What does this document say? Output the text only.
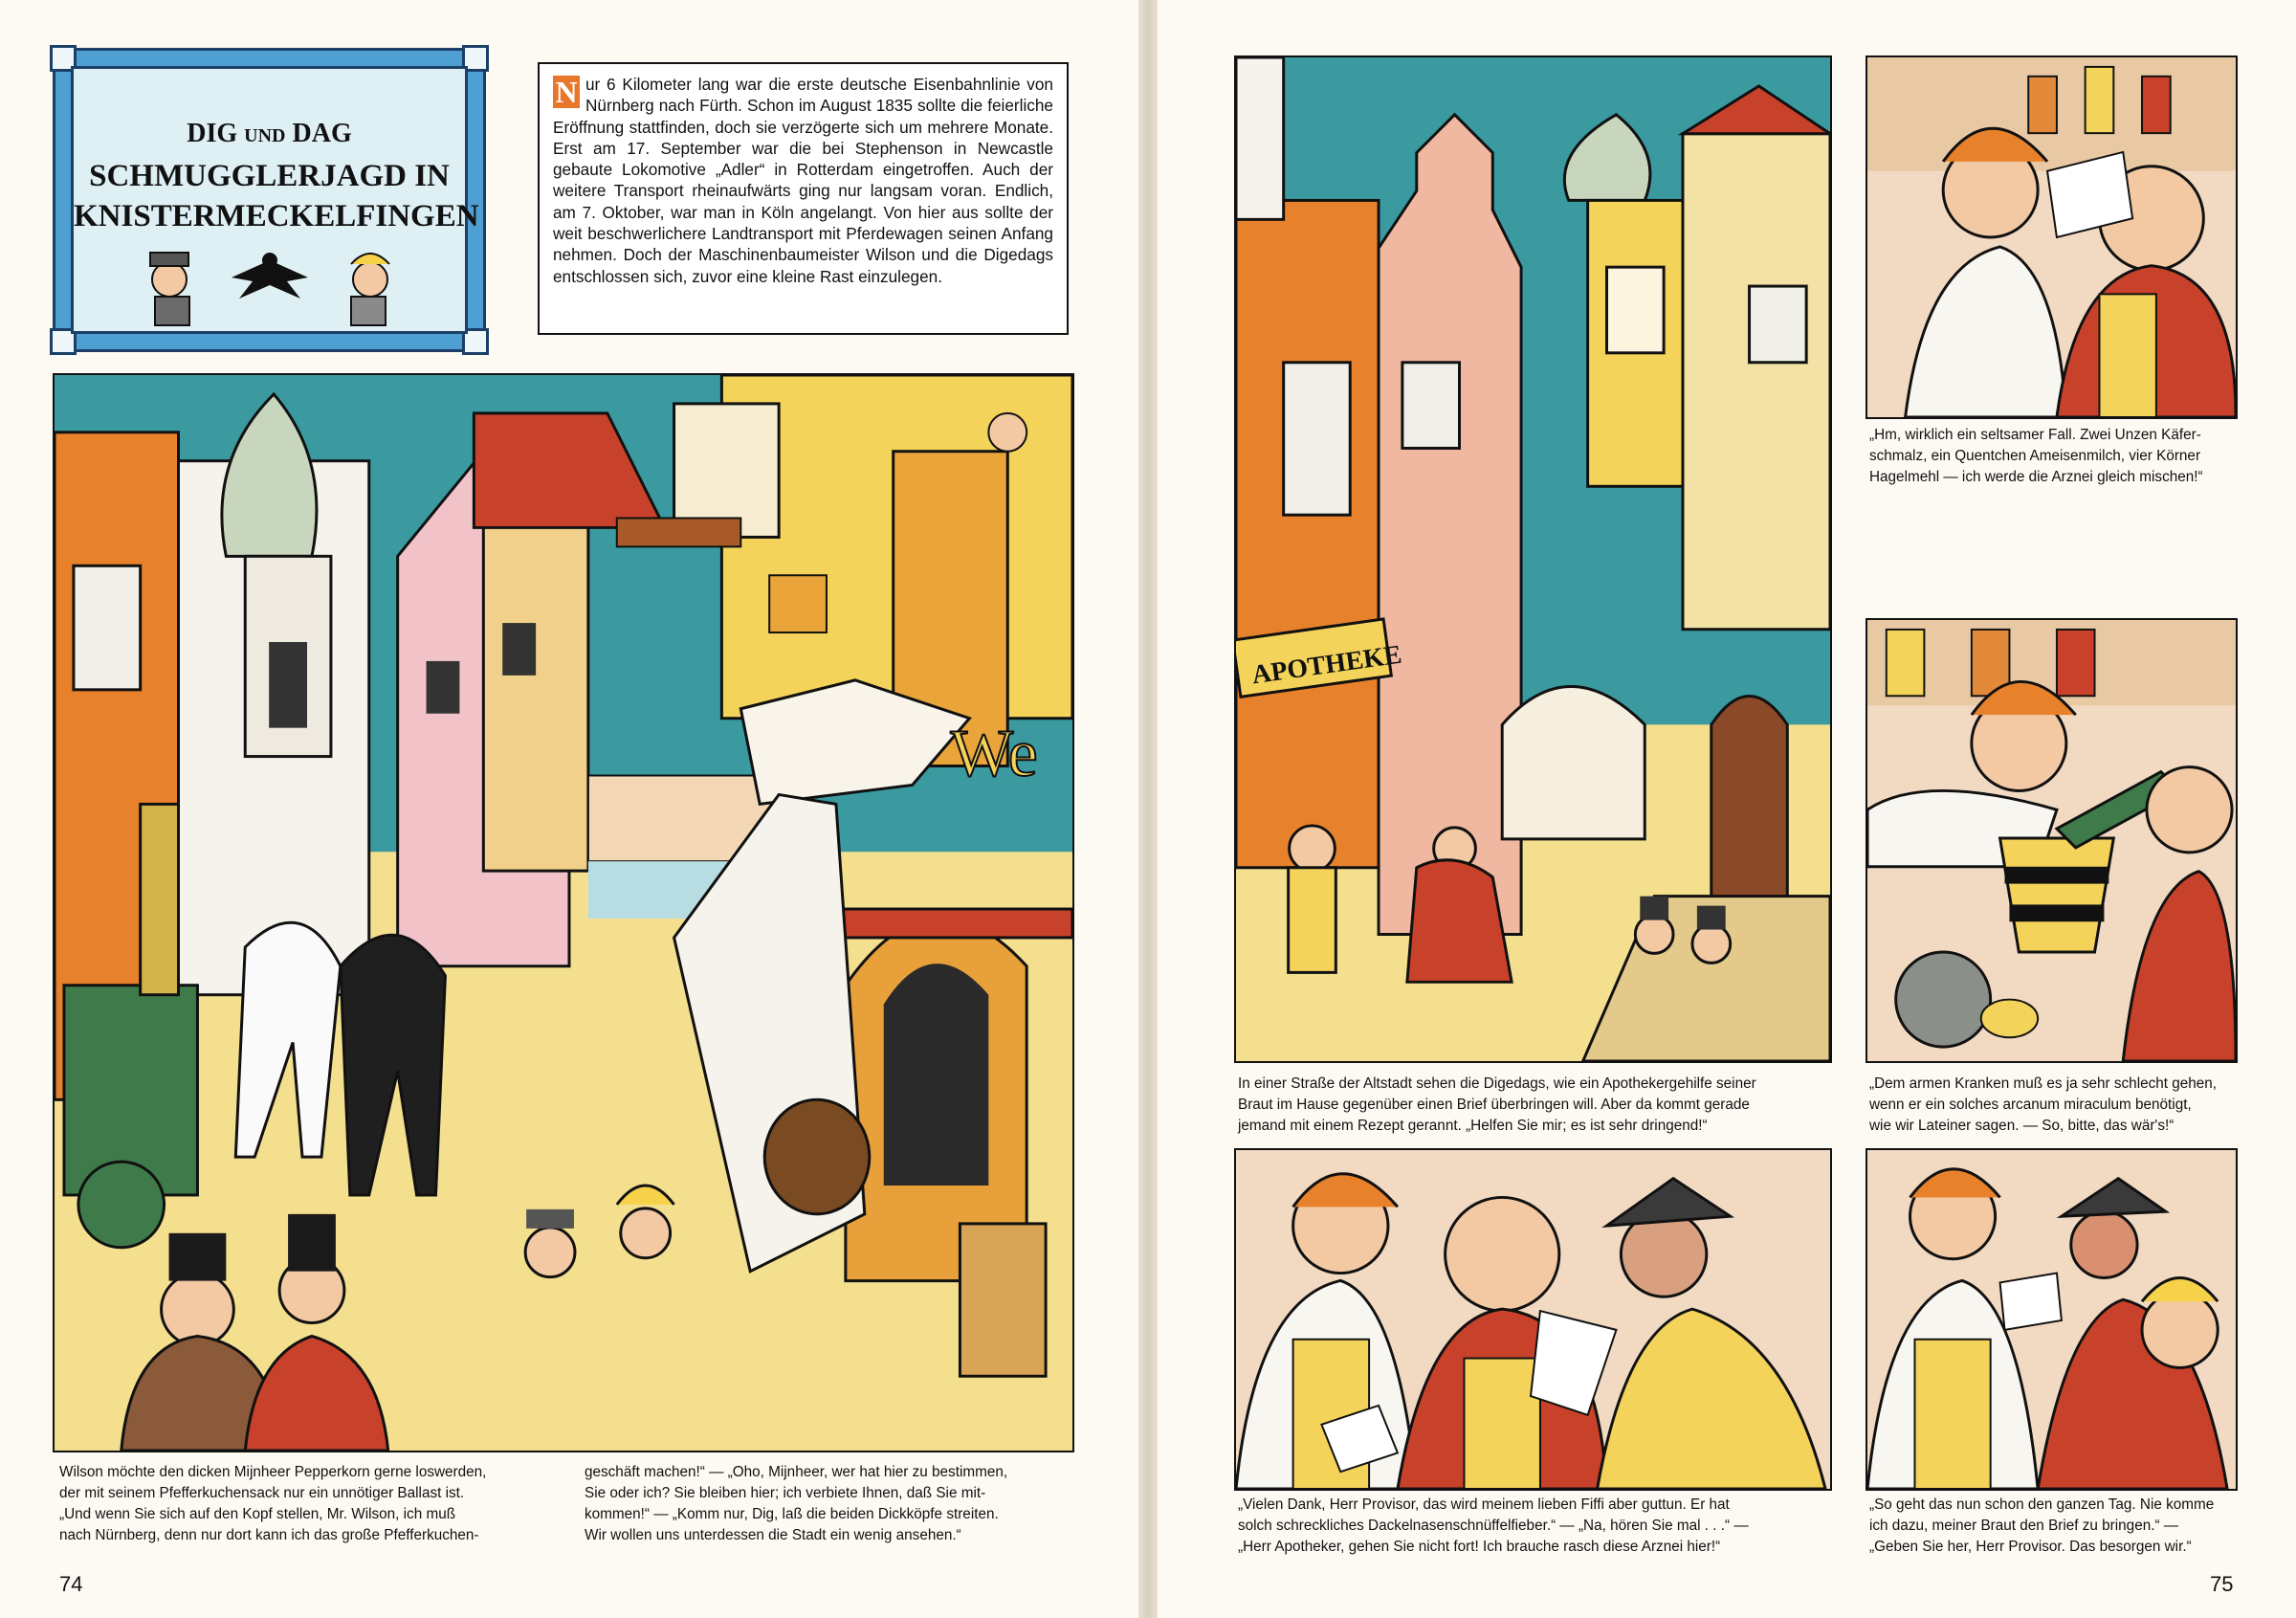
DIG UND DAG
SCHMUGGLERJAGD IN
KNISTERMECKELFINGEN
N ur 6 Kilometer lang war die erste deutsche Eisenbahnlinie von Nürnberg nach Fürth. Schon im August 1835 sollte die feierliche Eröffnung stattfinden, doch sie verzögerte sich um mehrere Monate. Erst am 17. September war die bei Stephenson in Newcastle gebaute Lokomotive „Adler“ in Rotterdam eingetroffen. Auch der weitere Transport rheinaufwärts ging nur langsam voran. Endlich, am 7. Oktober, war man in Köln angelangt. Von hier aus sollte der weit beschwerlichere Landtransport mit Pferdewagen seinen Anfang nehmen. Doch der Maschinenbaumeister Wilson und die Digedags entschlossen sich, zuvor eine kleine Rast einzulegen.
We
Wilson möchte den dicken Mijnheer Pepperkorn gerne loswerden,
der mit seinem Pfefferkuchensack nur ein unnötiger Ballast ist.
„Und wenn Sie sich auf den Kopf stellen, Mr. Wilson, ich muß
nach Nürnberg, denn nur dort kann ich das große Pfefferkuchen-
geschäft machen!“ — „Oho, Mijnheer, wer hat hier zu bestimmen,
Sie oder ich? Sie bleiben hier; ich verbiete Ihnen, daß Sie mit-
kommen!“ — „Komm nur, Dig, laß die beiden Dickköpfe streiten.
Wir wollen uns unterdessen die Stadt ein wenig ansehen.“
74
APOTHEKE
In einer Straße der Altstadt sehen die Digedags, wie ein Apothekergehilfe seiner
Braut im Hause gegenüber einen Brief überbringen will. Aber da kommt gerade
jemand mit einem Rezept gerannt. „Helfen Sie mir; es ist sehr dringend!“
„Hm, wirklich ein seltsamer Fall. Zwei Unzen Käfer-
schmalz, ein Quentchen Ameisenmilch, vier Körner
Hagelmehl — ich werde die Arznei gleich mischen!“
„Dem armen Kranken muß es ja sehr schlecht gehen,
wenn er ein solches arcanum miraculum benötigt,
wie wir Lateiner sagen. — So, bitte, das wär's!“
„Vielen Dank, Herr Provisor, das wird meinem lieben Fiffi aber guttun. Er hat
solch schreckliches Dackelnasenschnüffelfieber.“ — „Na, hören Sie mal . . .“ —
„Herr Apotheker, gehen Sie nicht fort! Ich brauche rasch diese Arznei hier!“
„So geht das nun schon den ganzen Tag. Nie komme
ich dazu, meiner Braut den Brief zu bringen.“ —
„Geben Sie her, Herr Provisor. Das besorgen wir.“
75
